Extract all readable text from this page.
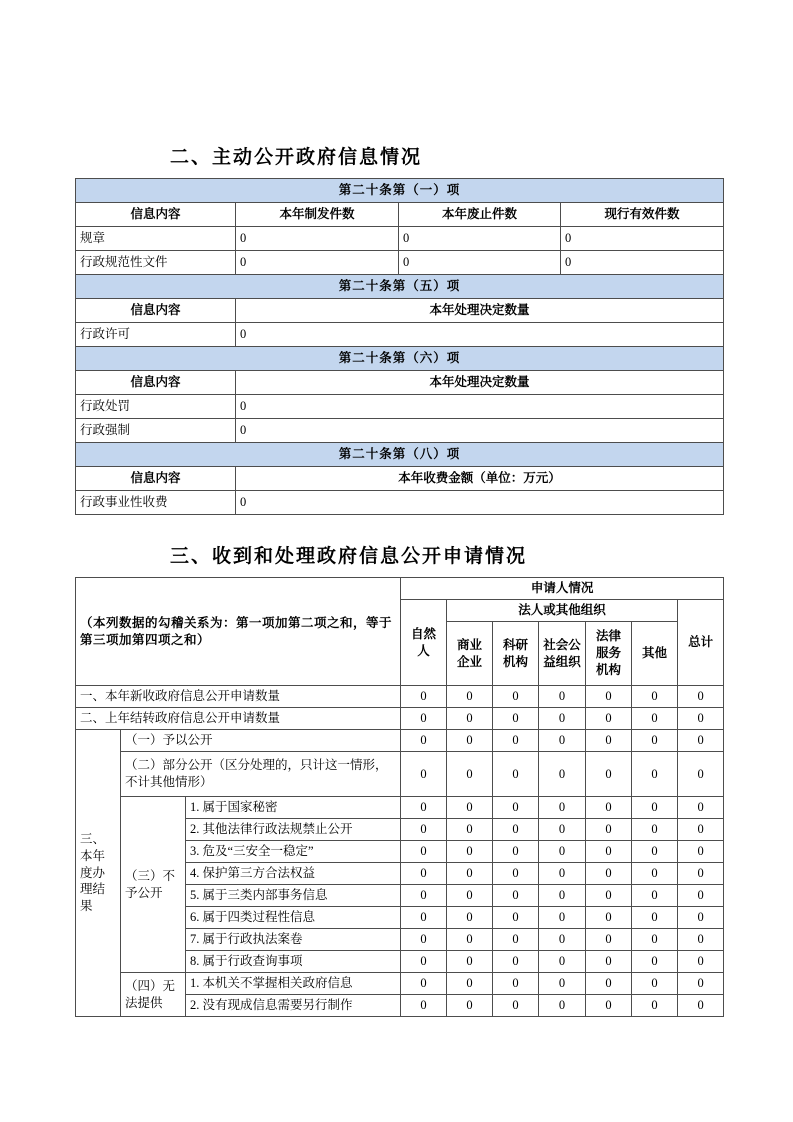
二、主动公开政府信息情况
第二十条第（一）项			
信息内容	本年制发件数	本年废止件数	现行有效件数
规章	0	0	0
行政规范性文件	0	0	0
第二十条第（五）项			
信息内容	本年处理决定数量		
行政许可	0		
第二十条第（六）项			
信息内容	本年处理决定数量		
行政处罚	0		
行政强制	0		
第二十条第（八）项			
信息内容	本年收费金额（单位：万元）		
行政事业性收费	0		
三、收到和处理政府信息公开申请情况
（本列数据的勾稽关系为：第一项加第二项之和，等于第三项加第四项之和）			申请人情况						
			自然人	法人或其他组织					总计
				商业企业	科研机构	社会公益组织	法律服务机构	其他	
一、本年新收政府信息公开申请数量			0	0	0	0	0	0	0
二、上年结转政府信息公开申请数量			0	0	0	0	0	0	0
三、本年度办理结果	（一）予以公开		0	0	0	0	0	0	0
	（二）部分公开（区分处理的，只计这一情形，不计其他情形）		0	0	0	0	0	0	0
	（三）不予公开	1. 属于国家秘密	0	0	0	0	0	0	0
		2. 其他法律行政法规禁止公开	0	0	0	0	0	0	0
		3. 危及“三安全一稳定”	0	0	0	0	0	0	0
		4. 保护第三方合法权益	0	0	0	0	0	0	0
		5. 属于三类内部事务信息	0	0	0	0	0	0	0
		6. 属于四类过程性信息	0	0	0	0	0	0	0
		7. 属于行政执法案卷	0	0	0	0	0	0	0
		8. 属于行政查询事项	0	0	0	0	0	0	0
	（四）无法提供	1. 本机关不掌握相关政府信息	0	0	0	0	0	0	0
		2. 没有现成信息需要另行制作	0	0	0	0	0	0	0
